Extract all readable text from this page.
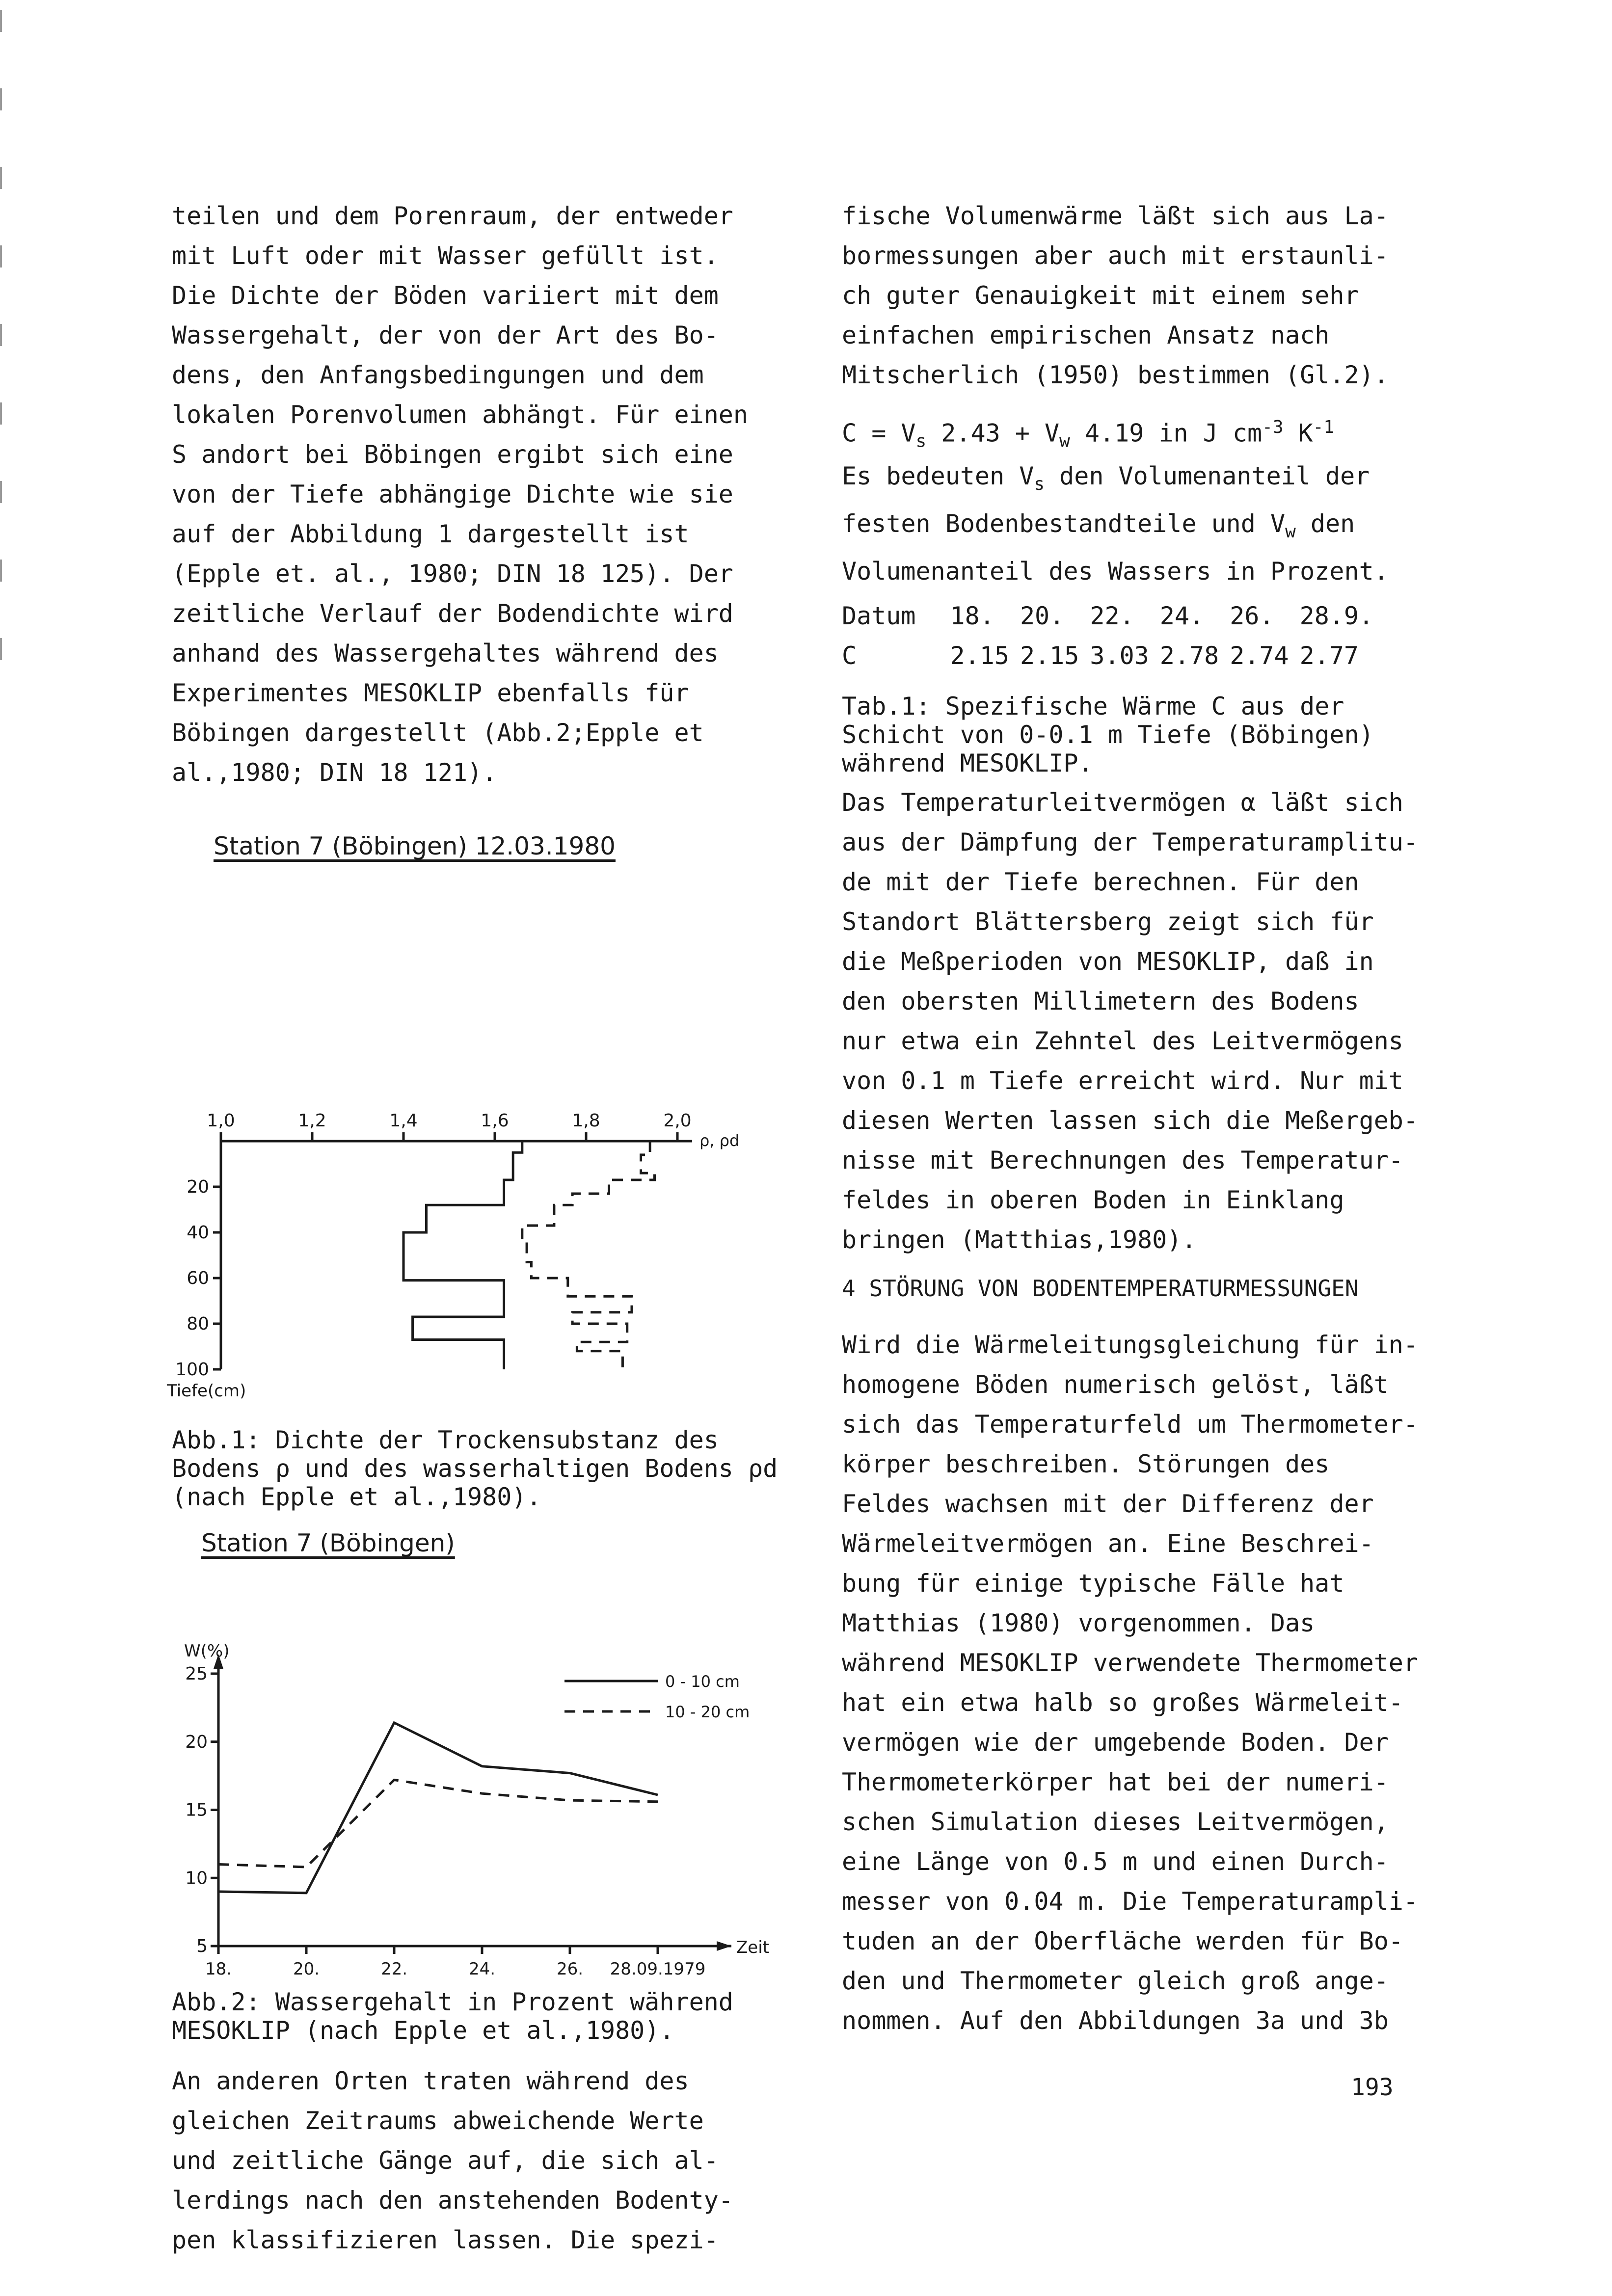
teilen und dem Porenraum, der entweder
mit Luft oder mit Wasser gefüllt ist.
Die Dichte der Böden variiert mit dem
Wassergehalt, der von der Art des Bo-
dens, den Anfangsbedingungen und dem
lokalen Porenvolumen abhängt. Für einen
S andort bei Böbingen ergibt sich eine
von der Tiefe abhängige Dichte wie sie
auf der Abbildung 1 dargestellt ist
(Epple et. al., 1980; DIN 18 125). Der
zeitliche Verlauf der Bodendichte wird
anhand des Wassergehaltes während des
Experimentes MESOKLIP ebenfalls für
Böbingen dargestellt (Abb.2;Epple et
al.,1980; DIN 18 121).

Station 7 (Böbingen) 12.03.1980

1,0	1,2	1,4	1,6	1,8	2,0
20
40
60
80
100
ρ, ρd
Tiefe(cm)

Abb.1: Dichte der Trockensubstanz des
Bodens ρ und des wasserhaltigen Bodens ρd
(nach Epple et al.,1980).

Station 7 (Böbingen)

5
10
15
20
25
18.	20.	22.	24.	26. 28.09.1979
W(%)
Zeit
0 - 10 cm
10 - 20 cm

Abb.2: Wassergehalt in Prozent während
MESOKLIP (nach Epple et al.,1980).

An anderen Orten traten während des
gleichen Zeitraums abweichende Werte
und zeitliche Gänge auf, die sich al-
lerdings nach den anstehenden Bodenty-
pen klassifizieren lassen. Die spezi-

fische Volumenwärme läßt sich aus La-
bormessungen aber auch mit erstaunli-
ch guter Genauigkeit mit einem sehr
einfachen empirischen Ansatz nach
Mitscherlich (1950) bestimmen (Gl.2).

$C = V_s$ $2.43 + V_w$ 4.19 in J $cm^{-3}$ $K^{-1}$

Es bedeuten $V_s$ den Volumenanteil der
festen Bodenbestandteile und $V_w$ den
Volumenanteil des Wassers in Prozent.

Datum	18.	20.	22.	24.	26.	28.9.
C	2.15	2.15	3.03	2.78	2.74	2.77

Tab.1: Spezifische Wärme C aus der
Schicht von 0-0.1 m Tiefe (Böbingen)
während MESOKLIP.

Das Temperaturleitvermögen α läßt sich
aus der Dämpfung der Temperaturamplitu-
de mit der Tiefe berechnen. Für den
Standort Blättersberg zeigt sich für
die Meßperioden von MESOKLIP, daß in
den obersten Millimetern des Bodens
nur etwa ein Zehntel des Leitvermögens
von 0.1 m Tiefe erreicht wird. Nur mit
diesen Werten lassen sich die Meßergeb-
nisse mit Berechnungen des Temperatur-
feldes in oberen Boden in Einklang
bringen (Matthias,1980).

4 STÖRUNG VON BODENTEMPERATURMESSUNGEN

Wird die Wärmeleitungsgleichung für in-
homogene Böden numerisch gelöst, läßt
sich das Temperaturfeld um Thermometer-
körper beschreiben. Störungen des
Feldes wachsen mit der Differenz der
Wärmeleitvermögen an. Eine Beschrei-
bung für einige typische Fälle hat
Matthias (1980) vorgenommen. Das
während MESOKLIP verwendete Thermometer
hat ein etwa halb so großes Wärmeleit-
vermögen wie der umgebende Boden. Der
Thermometerkörper hat bei der numeri-
schen Simulation dieses Leitvermögen,
eine Länge von 0.5 m und einen Durch-
messer von 0.04 m. Die Temperaturampli-
tuden an der Oberfläche werden für Bo-
den und Thermometer gleich groß ange-
nommen. Auf den Abbildungen 3a und 3b

193
